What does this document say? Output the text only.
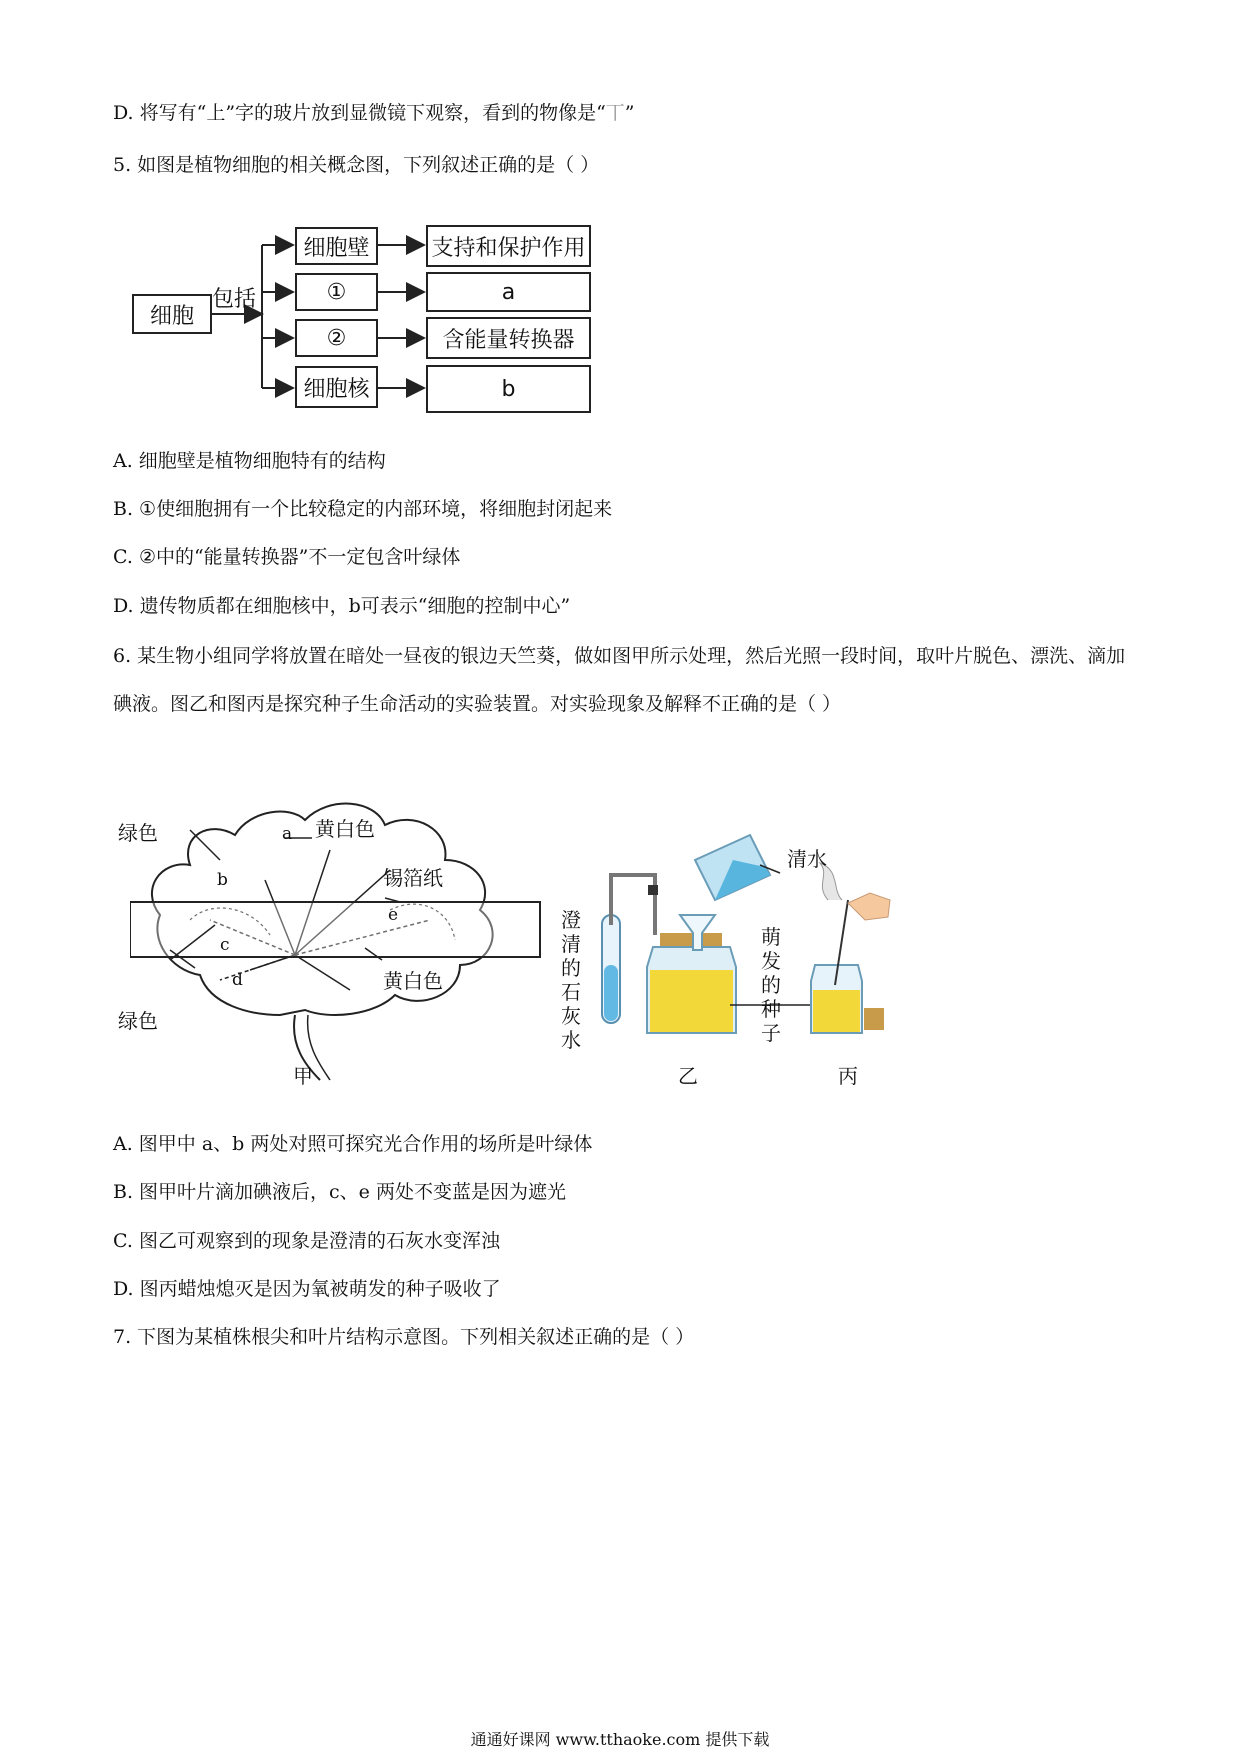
D. 将写有“上”字的玻片放到显微镜下观察，看到的物像是“丅”
5. 如图是植物细胞的相关概念图，下列叙述正确的是（ ）
细胞
包括
细胞壁
①
②
细胞核
支持和保护作用
a
含能量转换器
b
A. 细胞壁是植物细胞特有的结构
B. ①使细胞拥有一个比较稳定的内部环境，将细胞封闭起来
C. ②中的“能量转换器”不一定包含叶绿体
D. 遗传物质都在细胞核中，b可表示“细胞的控制中心”
6. 某生物小组同学将放置在暗处一昼夜的银边天竺葵，做如图甲所示处理，然后光照一段时间，取叶片脱色、漂洗、滴加碘液。图乙和图丙是探究种子生命活动的实验装置。对实验现象及解释不正确的是（ ）
绿色	a 黄白色
b	锡箔纸
e
c
d	黄白色
绿色
甲
澄清的石灰水
清水
萌发的种子
乙	丙
A. 图甲中 a、b 两处对照可探究光合作用的场所是叶绿体
B. 图甲叶片滴加碘液后，c、e 两处不变蓝是因为遮光
C. 图乙可观察到的现象是澄清的石灰水变浑浊
D. 图丙蜡烛熄灭是因为氧被萌发的种子吸收了
7. 下图为某植株根尖和叶片结构示意图。下列相关叙述正确的是（ ）
通通好课网 www.tthaoke.com 提供下载
